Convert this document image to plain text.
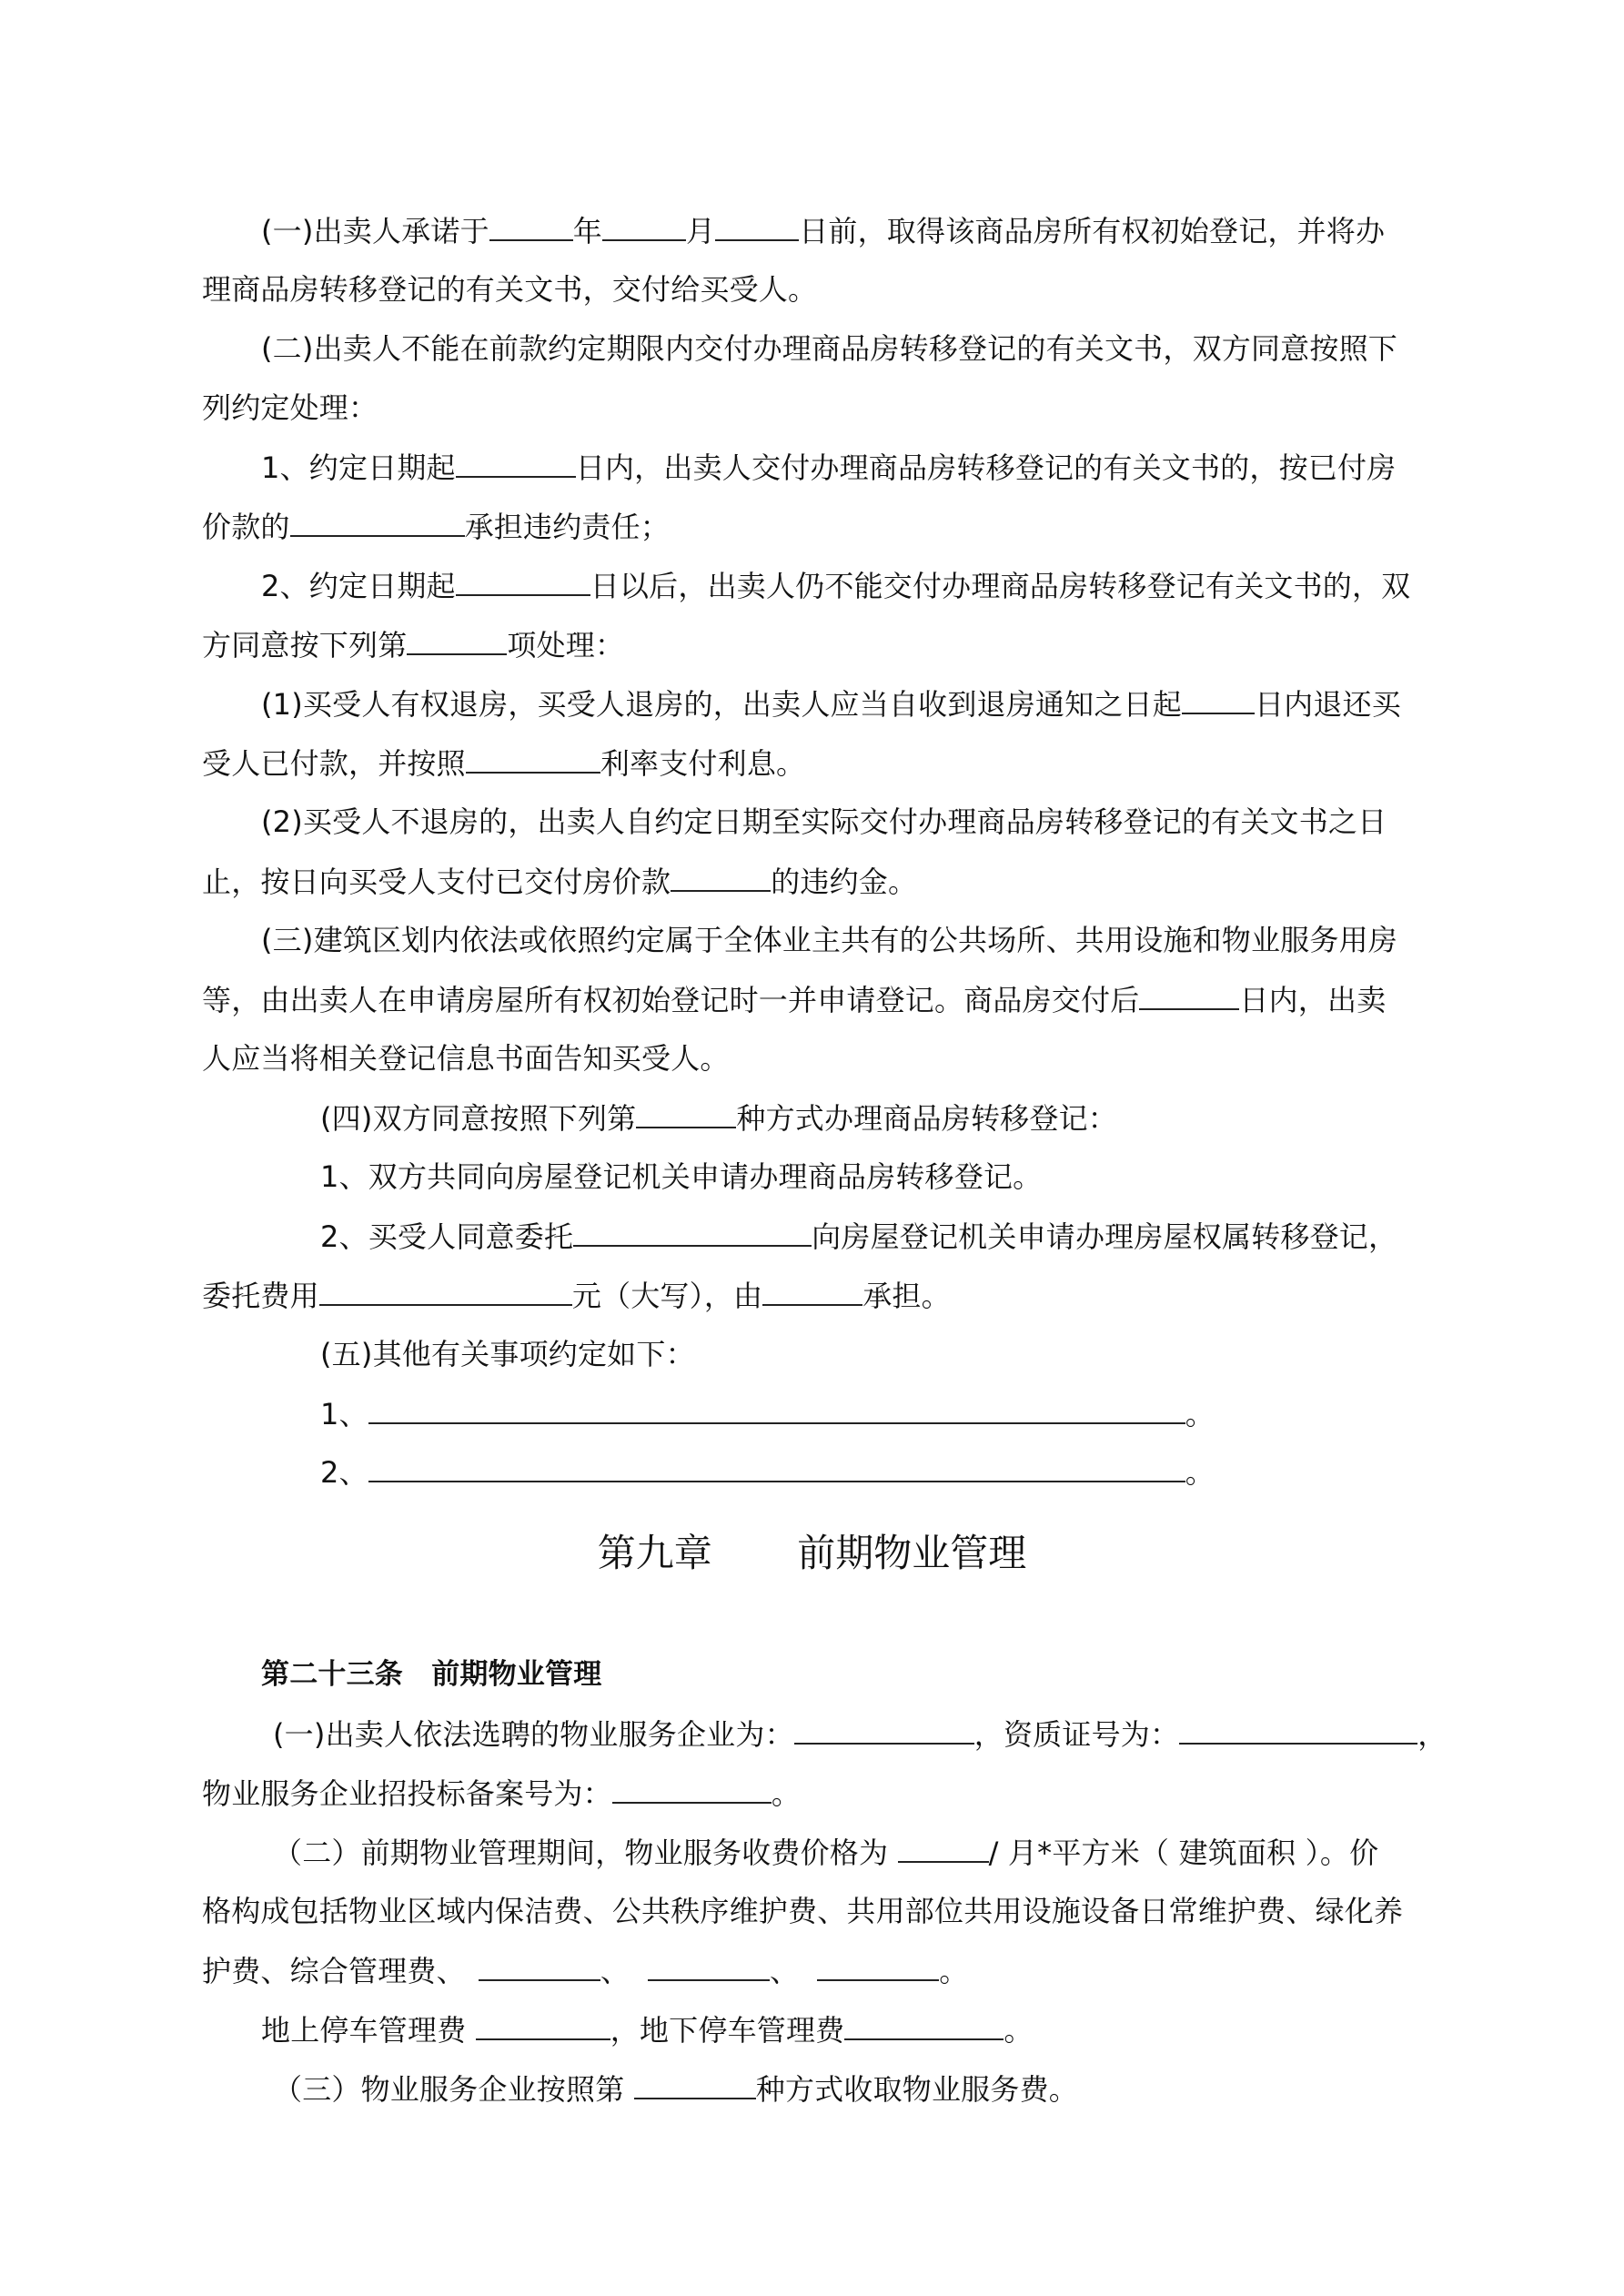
(一)出卖人承诺于	年	月	日前，取得该商品房所有权初始登记，并将办
理商品房转移登记的有关文书，交付给买受人。
(二)出卖人不能在前款约定期限内交付办理商品房转移登记的有关文书，双方同意按照下
列约定处理：
1、约定日期起	日内，出卖人交付办理商品房转移登记的有关文书的，按已付房
价款的	承担违约责任；
2、约定日期起	日以后，出卖人仍不能交付办理商品房转移登记有关文书的，双
方同意按下列第	项处理：
(1)买受人有权退房，买受人退房的，出卖人应当自收到退房通知之日起	日内退还买
受人已付款，并按照	利率支付利息。
(2)买受人不退房的，出卖人自约定日期至实际交付办理商品房转移登记的有关文书之日
止，按日向买受人支付已交付房价款	的违约金。
(三)建筑区划内依法或依照约定属于全体业主共有的公共场所、共用设施和物业服务用房
等，由出卖人在申请房屋所有权初始登记时一并申请登记。商品房交付后	日内，出卖
人应当将相关登记信息书面告知买受人。
(四)双方同意按照下列第	种方式办理商品房转移登记：
1、双方共同向房屋登记机关申请办理商品房转移登记。
2、买受人同意委托	向房屋登记机关申请办理房屋权属转移登记，
委托费用	元（大写），由	承担。
(五)其他有关事项约定如下：
1、	。
2、	。
第九章 前期物业管理
第二十三条　前期物业管理
(一)出卖人依法选聘的物业服务企业为：	，资质证号为：	，
物业服务企业招投标备案号为：	。
（二）前期物业管理期间，物业服务收费价格为	/ 月*平方米（ 建筑面积 ）。价
格构成包括物业区域内保洁费、公共秩序维护费、共用部位共用设施设备日常维护费、绿化养
护费、综合管理费、	、	、	。
地上停车管理费	，地下停车管理费	。
（三）物业服务企业按照第	种方式收取物业服务费。
